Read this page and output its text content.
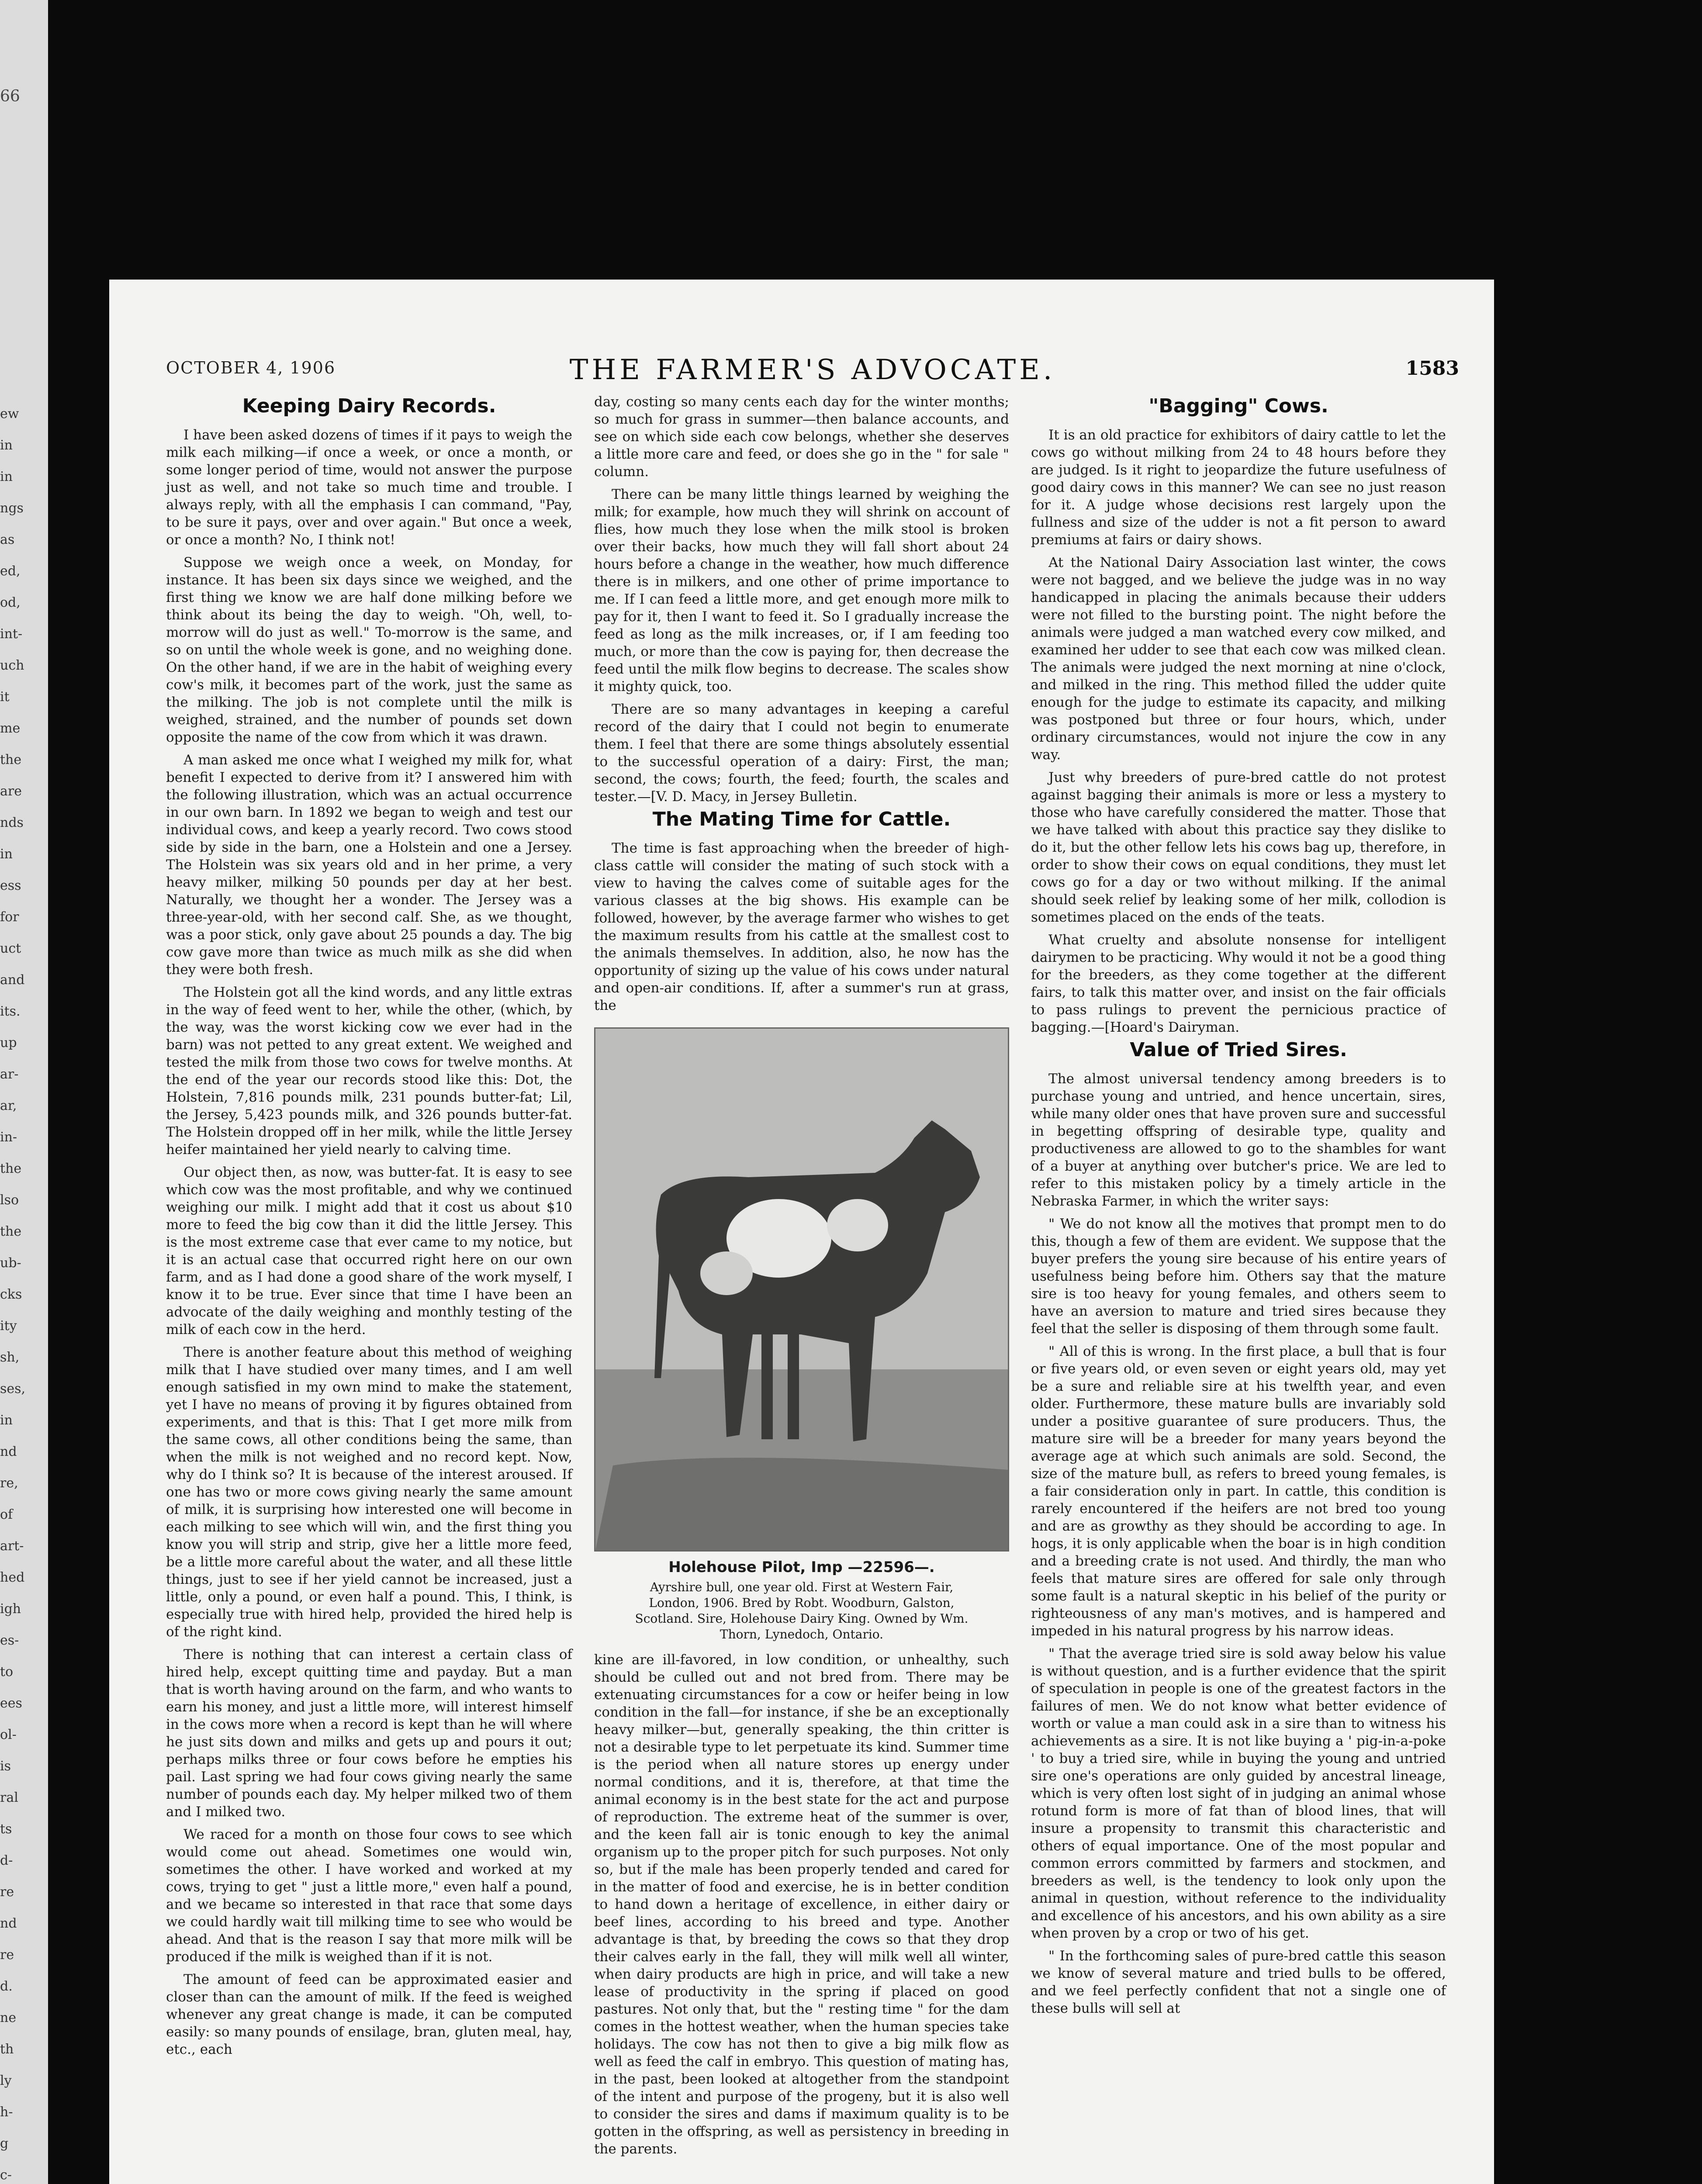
66
ew
in
in
ngs
as
ed,
od,
int-
uch
it
me
the
are
nds
in
ess
for
uct
and
its.
up
ar-
ar,
in-
the
lso
the
ub-
cks
ity
sh,
ses,
in
nd
re,
of
art-
hed
igh
es-
to
ees
ol-
is
ral
ts
d-
re
nd
re
d.
ne
th
ly
h-
g
c-
OCTOBER 4, 1906	THE FARMER'S ADVOCATE.	1583
Keeping Dairy Records.

I have been asked dozens of times if it pays to weigh the milk each milking—if once a week, or once a month, or some longer period of time, would not answer the purpose just as well, and not take so much time and trouble. I always reply, with all the emphasis I can command, "Pay, to be sure it pays, over and over again." But once a week, or once a month? No, I think not!

Suppose we weigh once a week, on Monday, for instance. It has been six days since we weighed, and the first thing we know we are half done milking before we think about its being the day to weigh. "Oh, well, to-morrow will do just as well." To-morrow is the same, and so on until the whole week is gone, and no weighing done. On the other hand, if we are in the habit of weighing every cow's milk, it becomes part of the work, just the same as the milking. The job is not complete until the milk is weighed, strained, and the number of pounds set down opposite the name of the cow from which it was drawn.

A man asked me once what I weighed my milk for, what benefit I expected to derive from it? I answered him with the following illustration, which was an actual occurrence in our own barn. In 1892 we began to weigh and test our individual cows, and keep a yearly record. Two cows stood side by side in the barn, one a Holstein and one a Jersey. The Holstein was six years old and in her prime, a very heavy milker, milking 50 pounds per day at her best. Naturally, we thought her a wonder. The Jersey was a three-year-old, with her second calf. She, as we thought, was a poor stick, only gave about 25 pounds a day. The big cow gave more than twice as much milk as she did when they were both fresh.

The Holstein got all the kind words, and any little extras in the way of feed went to her, while the other, (which, by the way, was the worst kicking cow we ever had in the barn) was not petted to any great extent. We weighed and tested the milk from those two cows for twelve months. At the end of the year our records stood like this: Dot, the Holstein, 7,816 pounds milk, 231 pounds butter-fat; Lil, the Jersey, 5,423 pounds milk, and 326 pounds butter-fat. The Holstein dropped off in her milk, while the little Jersey heifer maintained her yield nearly to calving time.

Our object then, as now, was butter-fat. It is easy to see which cow was the most profitable, and why we continued weighing our milk. I might add that it cost us about $10 more to feed the big cow than it did the little Jersey. This is the most extreme case that ever came to my notice, but it is an actual case that occurred right here on our own farm, and as I had done a good share of the work myself, I know it to be true. Ever since that time I have been an advocate of the daily weighing and monthly testing of the milk of each cow in the herd.

There is another feature about this method of weighing milk that I have studied over many times, and I am well enough satisfied in my own mind to make the statement, yet I have no means of proving it by figures obtained from experiments, and that is this: That I get more milk from the same cows, all other conditions being the same, than when the milk is not weighed and no record kept. Now, why do I think so? It is because of the interest aroused. If one has two or more cows giving nearly the same amount of milk, it is surprising how interested one will become in each milking to see which will win, and the first thing you know you will strip and strip, give her a little more feed, be a little more careful about the water, and all these little things, just to see if her yield cannot be increased, just a little, only a pound, or even half a pound. This, I think, is especially true with hired help, provided the hired help is of the right kind.

There is nothing that can interest a certain class of hired help, except quitting time and payday. But a man that is worth having around on the farm, and who wants to earn his money, and just a little more, will interest himself in the cows more when a record is kept than he will where he just sits down and milks and gets up and pours it out; perhaps milks three or four cows before he empties his pail. Last spring we had four cows giving nearly the same number of pounds each day. My helper milked two of them and I milked two.

We raced for a month on those four cows to see which would come out ahead. Sometimes one would win, sometimes the other. I have worked and worked at my cows, trying to get " just a little more," even half a pound, and we became so interested in that race that some days we could hardly wait till milking time to see who would be ahead. And that is the reason I say that more milk will be produced if the milk is weighed than if it is not.

The amount of feed can be approximated easier and closer than can the amount of milk. If the feed is weighed whenever any great change is made, it can be computed easily: so many pounds of ensilage, bran, gluten meal, hay, etc., each

day, costing so many cents each day for the winter months; so much for grass in summer—then balance accounts, and see on which side each cow belongs, whether she deserves a little more care and feed, or does she go in the " for sale " column.

There can be many little things learned by weighing the milk; for example, how much they will shrink on account of flies, how much they lose when the milk stool is broken over their backs, how much they will fall short about 24 hours before a change in the weather, how much difference there is in milkers, and one other of prime importance to me. If I can feed a little more, and get enough more milk to pay for it, then I want to feed it. So I gradually increase the feed as long as the milk increases, or, if I am feeding too much, or more than the cow is paying for, then decrease the feed until the milk flow begins to decrease. The scales show it mighty quick, too.

There are so many advantages in keeping a careful record of the dairy that I could not begin to enumerate them. I feel that there are some things absolutely essential to the successful operation of a dairy: First, the man; second, the cows; fourth, the feed; fourth, the scales and tester.—[V. D. Macy, in Jersey Bulletin.

The Mating Time for Cattle.

The time is fast approaching when the breeder of high-class cattle will consider the mating of such stock with a view to having the calves come of suitable ages for the various classes at the big shows. His example can be followed, however, by the average farmer who wishes to get the maximum results from his cattle at the smallest cost to the animals themselves. In addition, also, he now has the opportunity of sizing up the value of his cows under natural and open-air conditions. If, after a summer's run at grass, the

Holehouse Pilot, Imp —22596—.
Ayrshire bull, one year old. First at Western Fair, London, 1906. Bred by Robt. Woodburn, Galston, Scotland. Sire, Holehouse Dairy King. Owned by Wm. Thorn, Lynedoch, Ontario.

kine are ill-favored, in low condition, or unhealthy, such should be culled out and not bred from. There may be extenuating circumstances for a cow or heifer being in low condition in the fall—for instance, if she be an exceptionally heavy milker—but, generally speaking, the thin critter is not a desirable type to let perpetuate its kind. Summer time is the period when all nature stores up energy under normal conditions, and it is, therefore, at that time the animal economy is in the best state for the act and purpose of reproduction. The extreme heat of the summer is over, and the keen fall air is tonic enough to key the animal organism up to the proper pitch for such purposes. Not only so, but if the male has been properly tended and cared for in the matter of food and exercise, he is in better condition to hand down a heritage of excellence, in either dairy or beef lines, according to his breed and type. Another advantage is that, by breeding the cows so that they drop their calves early in the fall, they will milk well all winter, when dairy products are high in price, and will take a new lease of productivity in the spring if placed on good pastures. Not only that, but the " resting time " for the dam comes in the hottest weather, when the human species take holidays. The cow has not then to give a big milk flow as well as feed the calf in embryo. This question of mating has, in the past, been looked at altogether from the standpoint of the intent and purpose of the progeny, but it is also well to consider the sires and dams if maximum quality is to be gotten in the offspring, as well as persistency in breeding in the parents.

"Bagging" Cows.

It is an old practice for exhibitors of dairy cattle to let the cows go without milking from 24 to 48 hours before they are judged. Is it right to jeopardize the future usefulness of good dairy cows in this manner? We can see no just reason for it. A judge whose decisions rest largely upon the fullness and size of the udder is not a fit person to award premiums at fairs or dairy shows.

At the National Dairy Association last winter, the cows were not bagged, and we believe the judge was in no way handicapped in placing the animals because their udders were not filled to the bursting point. The night before the animals were judged a man watched every cow milked, and examined her udder to see that each cow was milked clean. The animals were judged the next morning at nine o'clock, and milked in the ring. This method filled the udder quite enough for the judge to estimate its capacity, and milking was postponed but three or four hours, which, under ordinary circumstances, would not injure the cow in any way.

Just why breeders of pure-bred cattle do not protest against bagging their animals is more or less a mystery to those who have carefully considered the matter. Those that we have talked with about this practice say they dislike to do it, but the other fellow lets his cows bag up, therefore, in order to show their cows on equal conditions, they must let cows go for a day or two without milking. If the animal should seek relief by leaking some of her milk, collodion is sometimes placed on the ends of the teats.

What cruelty and absolute nonsense for intelligent dairymen to be practicing. Why would it not be a good thing for the breeders, as they come together at the different fairs, to talk this matter over, and insist on the fair officials to pass rulings to prevent the pernicious practice of bagging.—[Hoard's Dairyman.

Value of Tried Sires.

The almost universal tendency among breeders is to purchase young and untried, and hence uncertain, sires, while many older ones that have proven sure and successful in begetting offspring of desirable type, quality and productiveness are allowed to go to the shambles for want of a buyer at anything over butcher's price. We are led to refer to this mistaken policy by a timely article in the Nebraska Farmer, in which the writer says:

" We do not know all the motives that prompt men to do this, though a few of them are evident. We suppose that the buyer prefers the young sire because of his entire years of usefulness being before him. Others say that the mature sire is too heavy for young females, and others seem to have an aversion to mature and tried sires because they feel that the seller is disposing of them through some fault.

" All of this is wrong. In the first place, a bull that is four or five years old, or even seven or eight years old, may yet be a sure and reliable sire at his twelfth year, and even older. Furthermore, these mature bulls are invariably sold under a positive guarantee of sure producers. Thus, the mature sire will be a breeder for many years beyond the average age at which such animals are sold. Second, the size of the mature bull, as refers to breed young females, is a fair consideration only in part. In cattle, this condition is rarely encountered if the heifers are not bred too young and are as growthy as they should be according to age. In hogs, it is only applicable when the boar is in high condition and a breeding crate is not used. And thirdly, the man who feels that mature sires are offered for sale only through some fault is a natural skeptic in his belief of the purity or righteousness of any man's motives, and is hampered and impeded in his natural progress by his narrow ideas.

" That the average tried sire is sold away below his value is without question, and is a further evidence that the spirit of speculation in people is one of the greatest factors in the failures of men. We do not know what better evidence of worth or value a man could ask in a sire than to witness his achievements as a sire. It is not like buying a ' pig-in-a-poke ' to buy a tried sire, while in buying the young and untried sire one's operations are only guided by ancestral lineage, which is very often lost sight of in judging an animal whose rotund form is more of fat than of blood lines, that will insure a propensity to transmit this characteristic and others of equal importance. One of the most popular and common errors committed by farmers and stockmen, and breeders as well, is the tendency to look only upon the animal in question, without reference to the individuality and excellence of his ancestors, and his own ability as a sire when proven by a crop or two of his get.

" In the forthcoming sales of pure-bred cattle this season we know of several mature and tried bulls to be offered, and we feel perfectly confident that not a single one of these bulls will sell at
